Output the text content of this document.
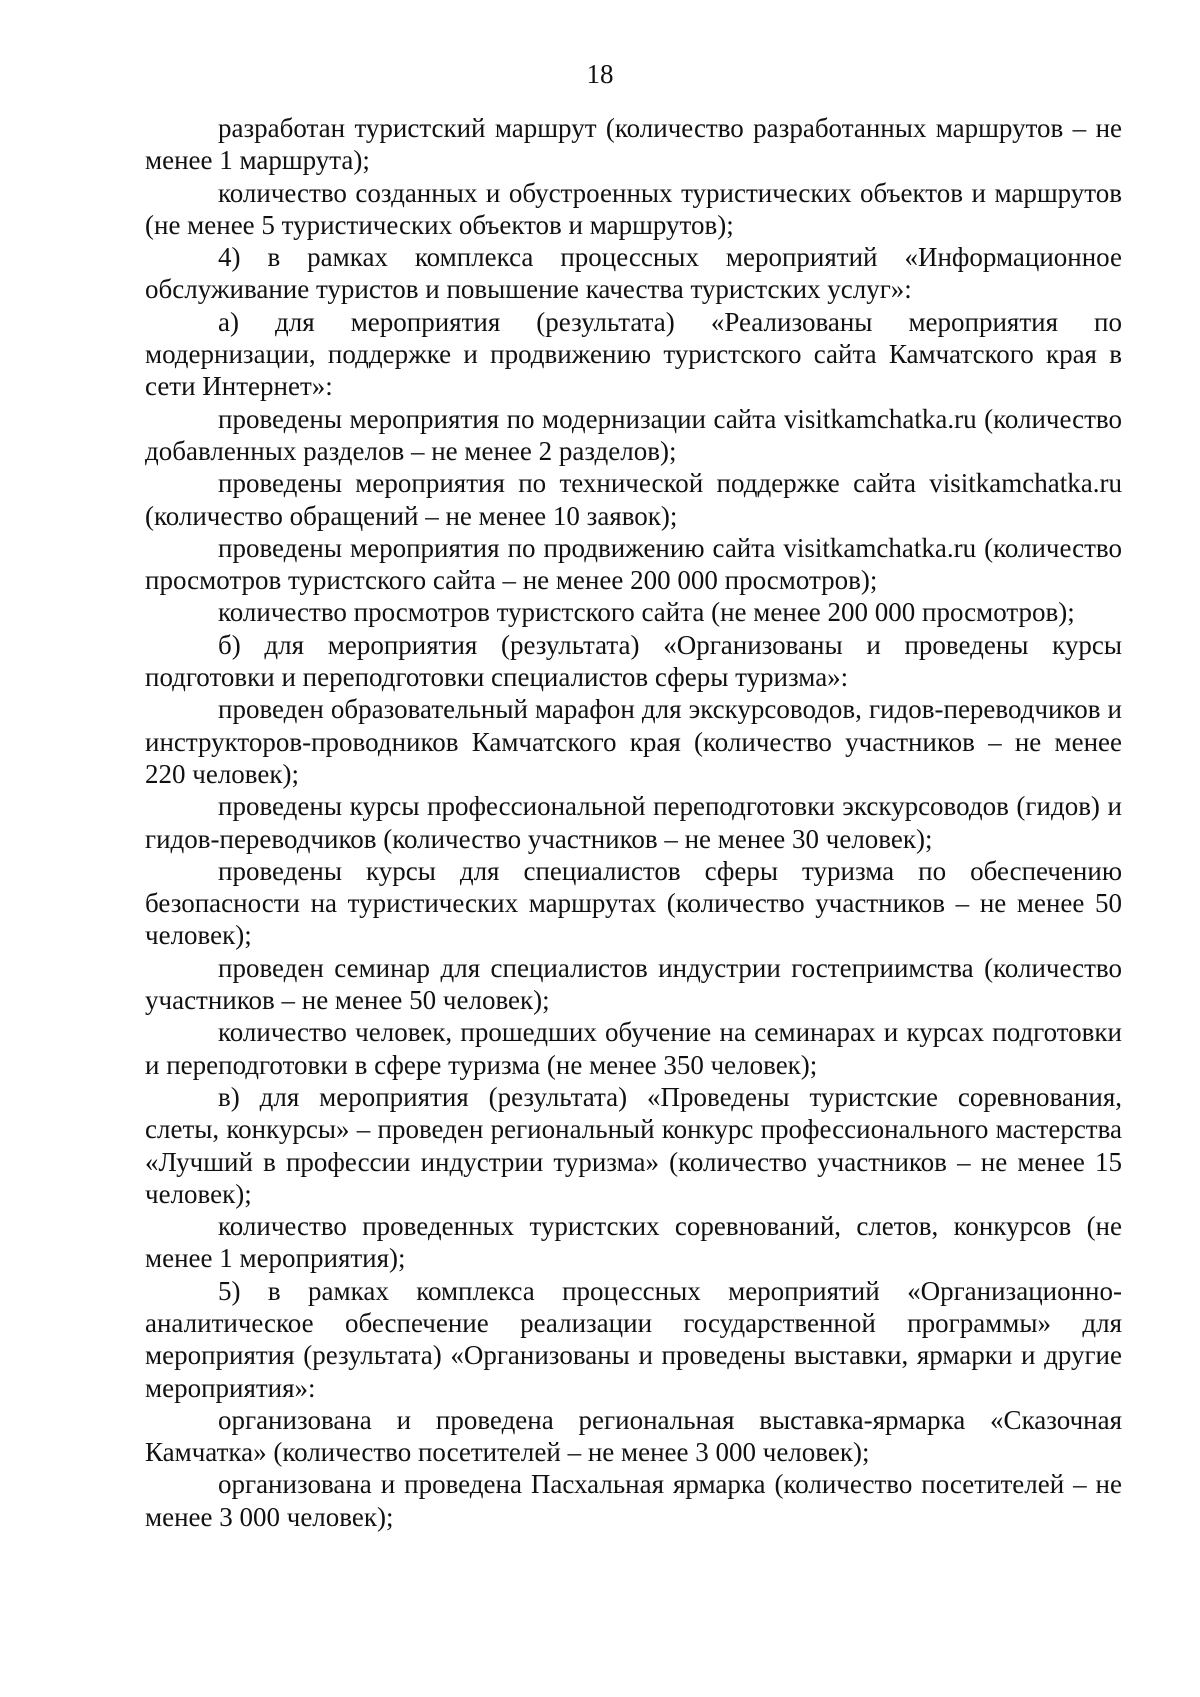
18

разработан туристский маршрут (количество разработанных маршрутов – не менее 1 маршрута);

количество созданных и обустроенных туристических объектов и маршрутов (не менее 5 туристических объектов и маршрутов);

4) в рамках комплекса процессных мероприятий «Информационное обслуживание туристов и повышение качества туристских услуг»:

а) для мероприятия (результата) «Реализованы мероприятия по модернизации, поддержке и продвижению туристского сайта Камчатского края в сети Интернет»:

проведены мероприятия по модернизации сайта visitkamchatka.ru (количество добавленных разделов – не менее 2 разделов);

проведены мероприятия по технической поддержке сайта visitkamchatka.ru (количество обращений – не менее 10 заявок);

проведены мероприятия по продвижению сайта visitkamchatka.ru (количество просмотров туристского сайта – не менее 200 000 просмотров);

количество просмотров туристского сайта (не менее 200 000 просмотров);

б) для мероприятия (результата) «Организованы и проведены курсы подготовки и переподготовки специалистов сферы туризма»:

проведен образовательный марафон для экскурсоводов, гидов-переводчиков и инструкторов-проводников Камчатского края (количество участников – не менее 220 человек);

проведены курсы профессиональной переподготовки экскурсоводов (гидов) и гидов-переводчиков (количество участников – не менее 30 человек);

проведены курсы для специалистов сферы туризма по обеспечению безопасности на туристических маршрутах (количество участников – не менее 50 человек);

проведен семинар для специалистов индустрии гостеприимства (количество участников – не менее 50 человек);

количество человек, прошедших обучение на семинарах и курсах подготовки и переподготовки в сфере туризма (не менее 350 человек);

в) для мероприятия (результата) «Проведены туристские соревнования, слеты, конкурсы» – проведен региональный конкурс профессионального мастерства «Лучший в профессии индустрии туризма» (количество участников – не менее 15 человек);

количество проведенных туристских соревнований, слетов, конкурсов (не менее 1 мероприятия);

5) в рамках комплекса процессных мероприятий «Организационно-аналитическое обеспечение реализации государственной программы» для мероприятия (результата) «Организованы и проведены выставки, ярмарки и другие мероприятия»:

организована и проведена региональная выставка-ярмарка «Сказочная Камчатка» (количество посетителей – не менее 3 000 человек);

организована и проведена Пасхальная ярмарка (количество посетителей – не менее 3 000 человек);
